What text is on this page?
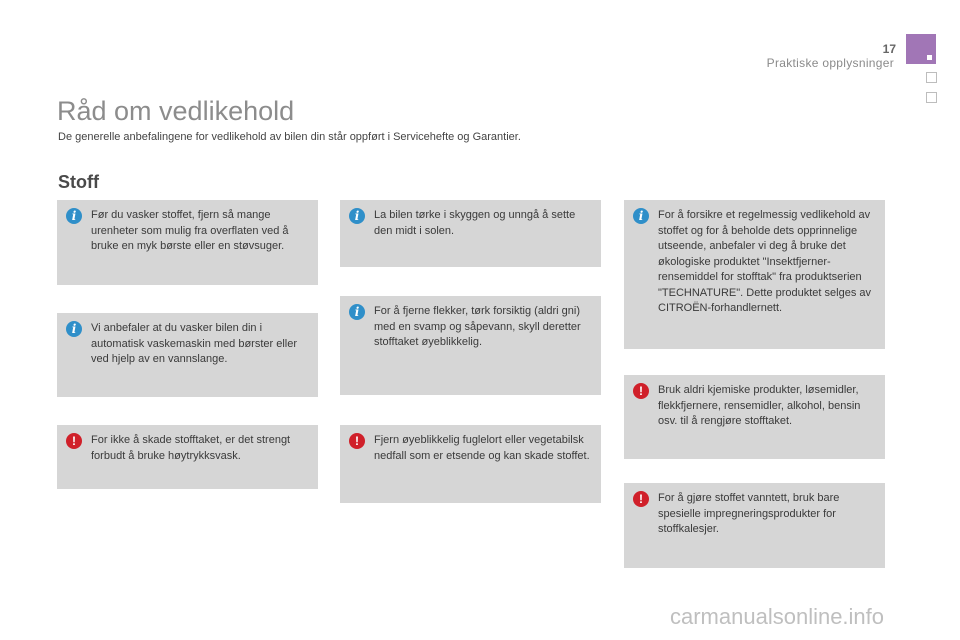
17
Praktiske opplysninger
Råd om vedlikehold
De generelle anbefalingene for vedlikehold av bilen din står oppført i Servicehefte og Garantier.
Stoff
i	Før du vasker stoffet, fjern så mange urenheter som mulig fra overflaten ved å bruke en myk børste eller en støvsuger.
i	Vi anbefaler at du vasker bilen din i automatisk vaskemaskin med børster eller ved hjelp av en vannslange.
!	For ikke å skade stofftaket, er det strengt forbudt å bruke høytrykksvask.
i	La bilen tørke i skyggen og unngå å sette den midt i solen.
i	For å fjerne flekker, tørk forsiktig (aldri gni) med en svamp og såpevann, skyll deretter stofftaket øyeblikkelig.
!	Fjern øyeblikkelig fuglelort eller vegetabilsk nedfall som er etsende og kan skade stoffet.
i	For å forsikre et regelmessig vedlikehold av stoffet og for å beholde dets opprinnelige utseende, anbefaler vi deg å bruke det økologiske produktet "Insektfjerner- rensemiddel for stofftak" fra produktserien "TECHNATURE". Dette produktet selges av CITROËN-forhandlernett.
!	Bruk aldri kjemiske produkter, løsemidler, flekkfjernere, rensemidler, alkohol, bensin osv. til å rengjøre stofftaket.
!	For å gjøre stoffet vanntett, bruk bare spesielle impregneringsprodukter for stoffkalesjer.
carmanualsonline.info
